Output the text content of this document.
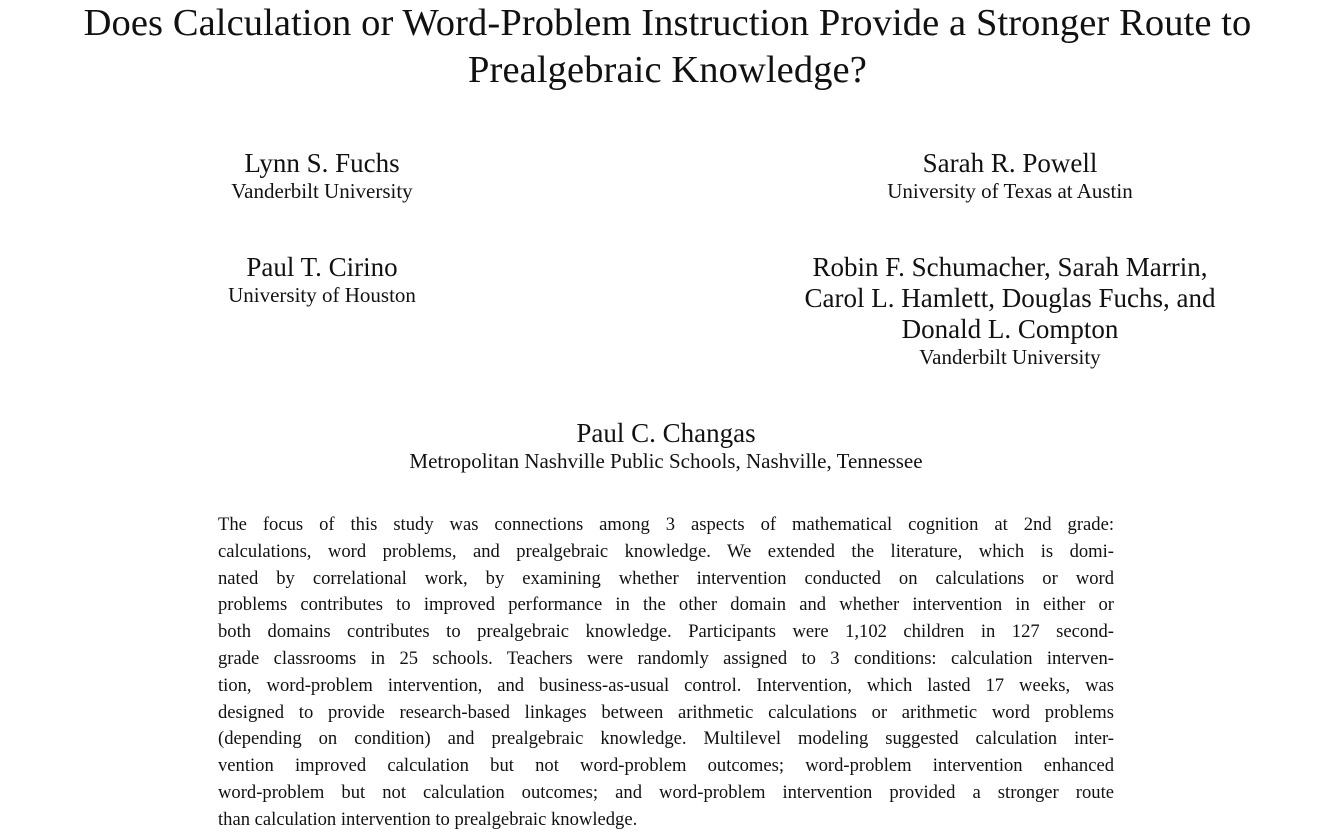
Does Calculation or Word-Problem Instruction Provide a Stronger Route to
Prealgebraic Knowledge?
Lynn S. Fuchs
Vanderbilt University
Sarah R. Powell
University of Texas at Austin
Paul T. Cirino
University of Houston
Robin F. Schumacher, Sarah Marrin,
Carol L. Hamlett, Douglas Fuchs, and
Donald L. Compton
Vanderbilt University
Paul C. Changas
Metropolitan Nashville Public Schools, Nashville, Tennessee
The focus of this study was connections among 3 aspects of mathematical cognition at 2nd grade:
calculations, word problems, and prealgebraic knowledge. We extended the literature, which is domi-
nated by correlational work, by examining whether intervention conducted on calculations or word
problems contributes to improved performance in the other domain and whether intervention in either or
both domains contributes to prealgebraic knowledge. Participants were 1,102 children in 127 second-
grade classrooms in 25 schools. Teachers were randomly assigned to 3 conditions: calculation interven-
tion, word-problem intervention, and business-as-usual control. Intervention, which lasted 17 weeks, was
designed to provide research-based linkages between arithmetic calculations or arithmetic word problems
(depending on condition) and prealgebraic knowledge. Multilevel modeling suggested calculation inter-
vention improved calculation but not word-problem outcomes; word-problem intervention enhanced
word-problem but not calculation outcomes; and word-problem intervention provided a stronger route
than calculation intervention to prealgebraic knowledge.
